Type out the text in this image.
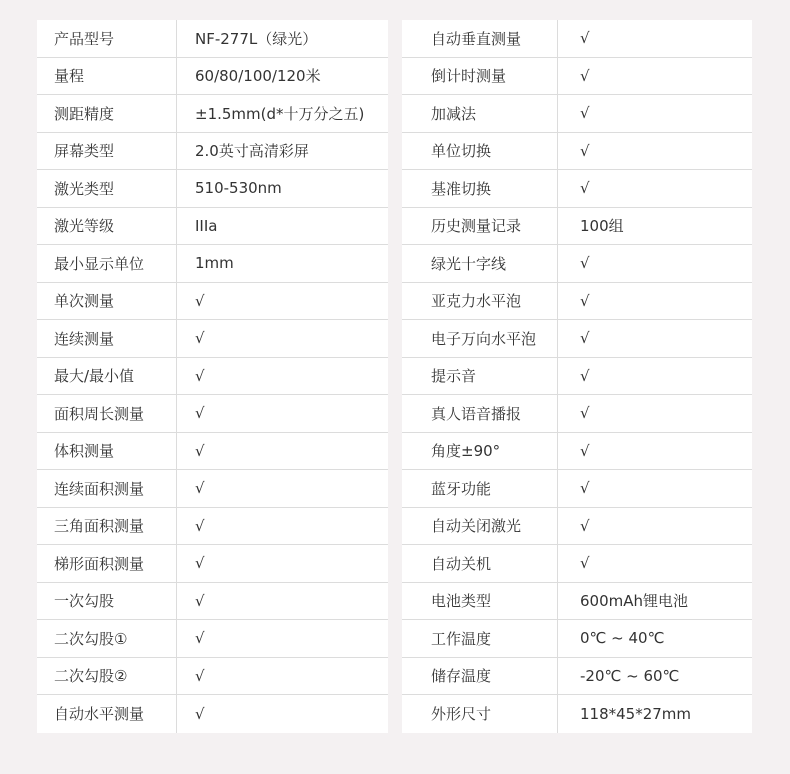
产品型号	NF-277L（绿光）
量程	60/80/100/120米
测距精度	±1.5mm(d*十万分之五)
屏幕类型	2.0英寸高清彩屏
激光类型	510-530nm
激光等级	IIIa
最小显示单位	1mm
单次测量	√
连续测量	√
最大/最小值	√
面积周长测量	√
体积测量	√
连续面积测量	√
三角面积测量	√
梯形面积测量	√
一次勾股	√
二次勾股①	√
二次勾股②	√
自动水平测量	√
自动垂直测量	√
倒计时测量	√
加减法	√
单位切换	√
基准切换	√
历史测量记录	100组
绿光十字线	√
亚克力水平泡	√
电子万向水平泡	√
提示音	√
真人语音播报	√
角度±90°	√
蓝牙功能	√
自动关闭激光	√
自动关机	√
电池类型	600mAh锂电池
工作温度	0℃ ~ 40℃
储存温度	-20℃ ~ 60℃
外形尺寸	118*45*27mm
